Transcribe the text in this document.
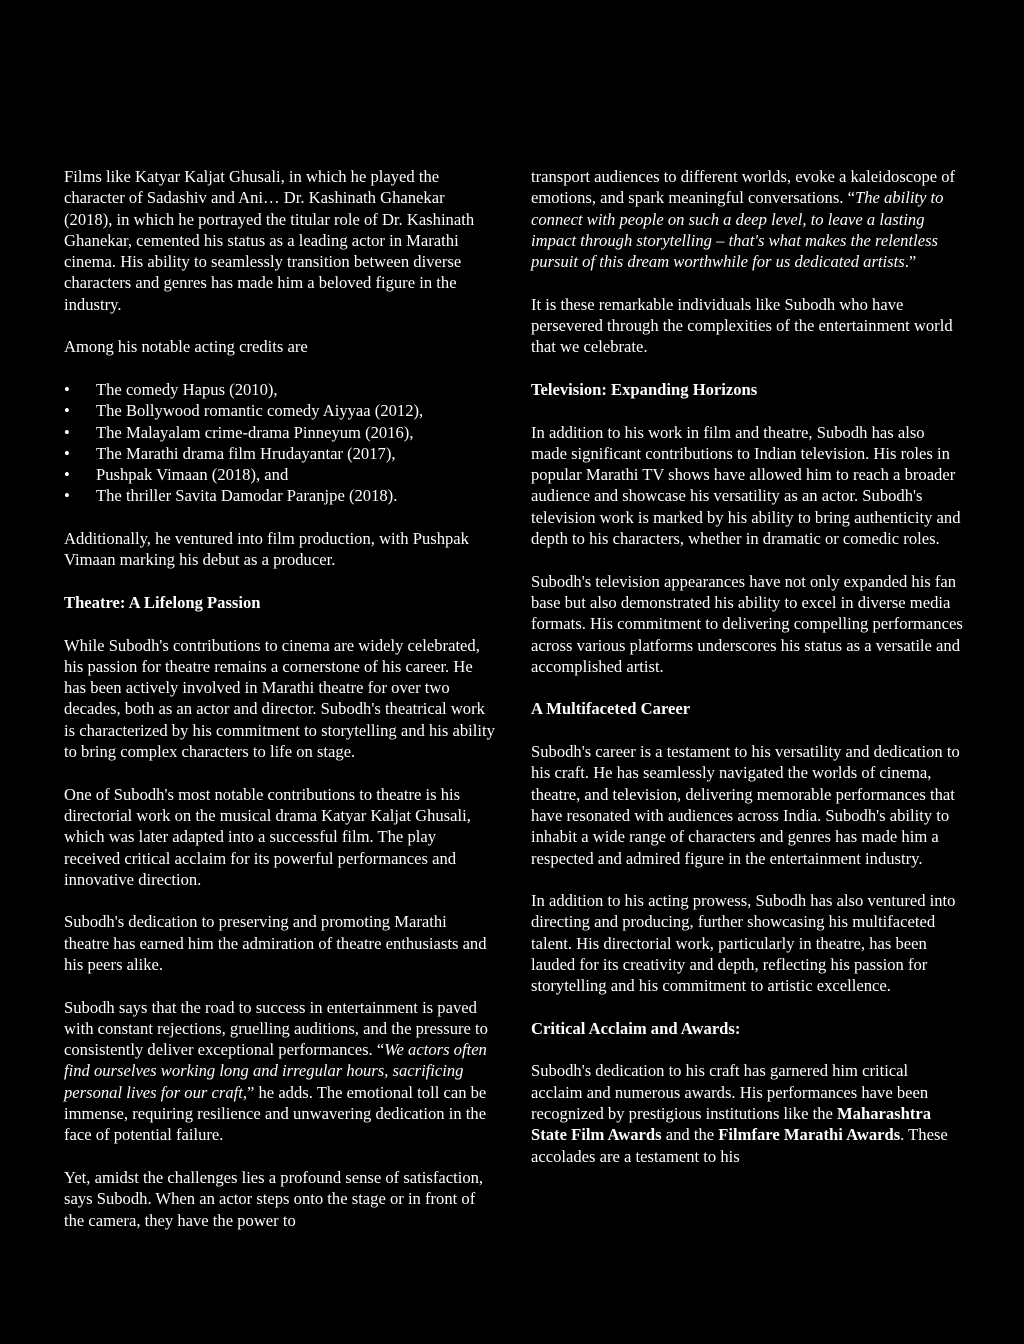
Films like Katyar Kaljat Ghusali, in which he played the character of Sadashiv and Ani… Dr. Kashinath Ghanekar (2018), in which he portrayed the titular role of Dr. Kashinath Ghanekar, cemented his status as a leading actor in Marathi cinema. His ability to seamlessly transition between diverse characters and genres has made him a beloved figure in the industry.

Among his notable acting credits are

• The comedy Hapus (2010),
• The Bollywood romantic comedy Aiyyaa (2012),
• The Malayalam crime-drama Pinneyum (2016),
• The Marathi drama film Hrudayantar (2017),
• Pushpak Vimaan (2018), and
• The thriller Savita Damodar Paranjpe (2018).

Additionally, he ventured into film production, with Pushpak Vimaan marking his debut as a producer.

Theatre: A Lifelong Passion

While Subodh's contributions to cinema are widely celebrated, his passion for theatre remains a cornerstone of his career. He has been actively involved in Marathi theatre for over two decades, both as an actor and director. Subodh's theatrical work is characterized by his commitment to storytelling and his ability to bring complex characters to life on stage.

One of Subodh's most notable contributions to theatre is his directorial work on the musical drama Katyar Kaljat Ghusali, which was later adapted into a successful film. The play received critical acclaim for its powerful performances and innovative direction.

Subodh's dedication to preserving and promoting Marathi theatre has earned him the admiration of theatre enthusiasts and his peers alike.

Subodh says that the road to success in entertainment is paved with constant rejections, gruelling auditions, and the pressure to consistently deliver exceptional performances. “We actors often find ourselves working long and irregular hours, sacrificing personal lives for our craft,” he adds. The emotional toll can be immense, requiring resilience and unwavering dedication in the face of potential failure.

Yet, amidst the challenges lies a profound sense of satisfaction, says Subodh. When an actor steps onto the stage or in front of the camera, they have the power to

transport audiences to different worlds, evoke a kaleidoscope of emotions, and spark meaningful conversations. “The ability to connect with people on such a deep level, to leave a lasting impact through storytelling – that's what makes the relentless pursuit of this dream worthwhile for us dedicated artists.”

It is these remarkable individuals like Subodh who have persevered through the complexities of the entertainment world that we celebrate.

Television: Expanding Horizons

In addition to his work in film and theatre, Subodh has also made significant contributions to Indian television. His roles in popular Marathi TV shows have allowed him to reach a broader audience and showcase his versatility as an actor. Subodh's television work is marked by his ability to bring authenticity and depth to his characters, whether in dramatic or comedic roles.

Subodh's television appearances have not only expanded his fan base but also demonstrated his ability to excel in diverse media formats. His commitment to delivering compelling performances across various platforms underscores his status as a versatile and accomplished artist.

A Multifaceted Career

Subodh's career is a testament to his versatility and dedication to his craft. He has seamlessly navigated the worlds of cinema, theatre, and television, delivering memorable performances that have resonated with audiences across India. Subodh's ability to inhabit a wide range of characters and genres has made him a respected and admired figure in the entertainment industry.

In addition to his acting prowess, Subodh has also ventured into directing and producing, further showcasing his multifaceted talent. His directorial work, particularly in theatre, has been lauded for its creativity and depth, reflecting his passion for storytelling and his commitment to artistic excellence.

Critical Acclaim and Awards:

Subodh's dedication to his craft has garnered him critical acclaim and numerous awards. His performances have been recognized by prestigious institutions like the Maharashtra State Film Awards and the Filmfare Marathi Awards. These accolades are a testament to his
